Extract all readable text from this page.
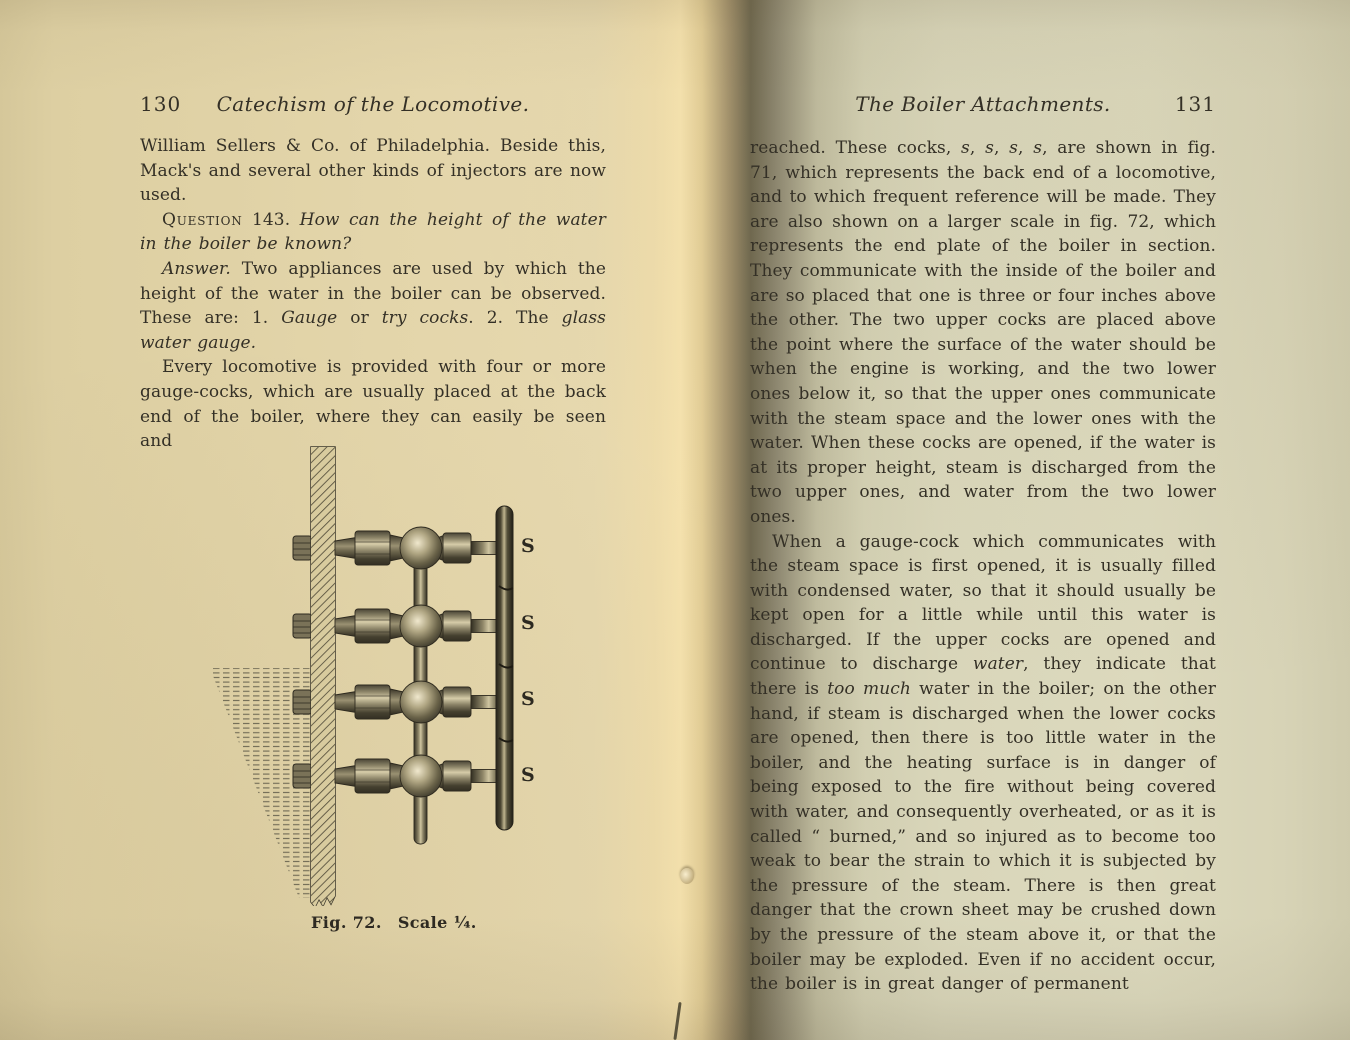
130	Catechism of the Locomotive.

William Sellers & Co. of Philadelphia. Beside this, Mack's and several other kinds of injectors are now used.

Question 143. How can the height of the water in the boiler be known?

Answer. Two appliances are used by which the height of the water in the boiler can be observed. These are: 1. Gauge or try cocks. 2. The glass water gauge.

Every locomotive is provided with four or more gauge-cocks, which are usually placed at the back end of the boiler, where they can easily be seen and

S
S
S
S
Fig. 72. Scale ¼.
The Boiler Attachments.	131

reached. These cocks, s, s, s, s, are shown in fig. 71, which represents the back end of a locomotive, and to which frequent reference will be made. They are also shown on a larger scale in fig. 72, which represents the end plate of the boiler in section. They communicate with the inside of the boiler and are so placed that one is three or four inches above the other. The two upper cocks are placed above the point where the surface of the water should be when the engine is working, and the two lower ones below it, so that the upper ones communicate with the steam space and the lower ones with the water. When these cocks are opened, if the water is at its proper height, steam is discharged from the two upper ones, and water from the two lower ones.

When a gauge-cock which communicates with the steam space is first opened, it is usually filled with condensed water, so that it should usually be kept open for a little while until this water is discharged. If the upper cocks are opened and continue to discharge water, they indicate that there is too much water in the boiler; on the other hand, if steam is discharged when the lower cocks are opened, then there is too little water in the boiler, and the heating surface is in danger of being exposed to the fire without being covered with water, and consequently overheated, or as it is called “ burned,” and so injured as to become too weak to bear the strain to which it is subjected by the pressure of the steam. There is then great danger that the crown sheet may be crushed down by the pressure of the steam above it, or that the boiler may be exploded. Even if no accident occur, the boiler is in great danger of permanent
